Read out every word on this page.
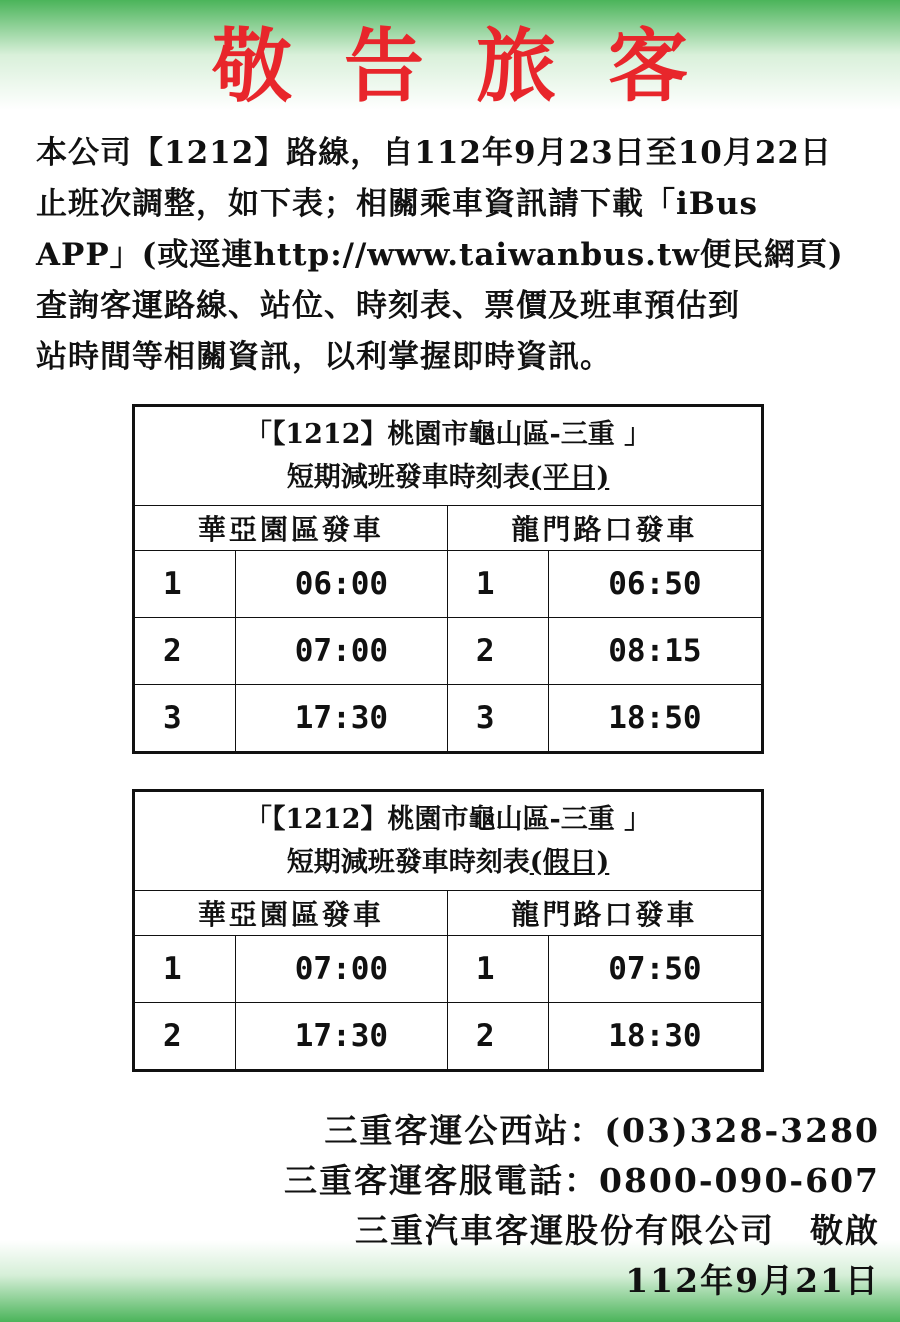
敬告旅客
本公司【1212】路線，自112年9月23日至10月22日
止班次調整，如下表；相關乘車資訊請下載「iBus
APP」(或逕連http://www.taiwanbus.tw便民網頁)
查詢客運路線、站位、時刻表、票價及班車預估到
站時間等相關資訊，以利掌握即時資訊。
「【1212】桃園市龜山區-三重 」
短期減班發車時刻表(平日)			

華亞園區發車		龍門路口發車	
1	06:00	1	06:50
2	07:00	2	08:15
3	17:30	3	18:50
「【1212】桃園市龜山區-三重 」
短期減班發車時刻表(假日)			

華亞園區發車		龍門路口發車	
1	07:00	1	07:50
2	17:30	2	18:30
三重客運公西站：(03)328-3280
三重客運客服電話：0800-090-607
三重汽車客運股份有限公司　敬啟
112年9月21日
